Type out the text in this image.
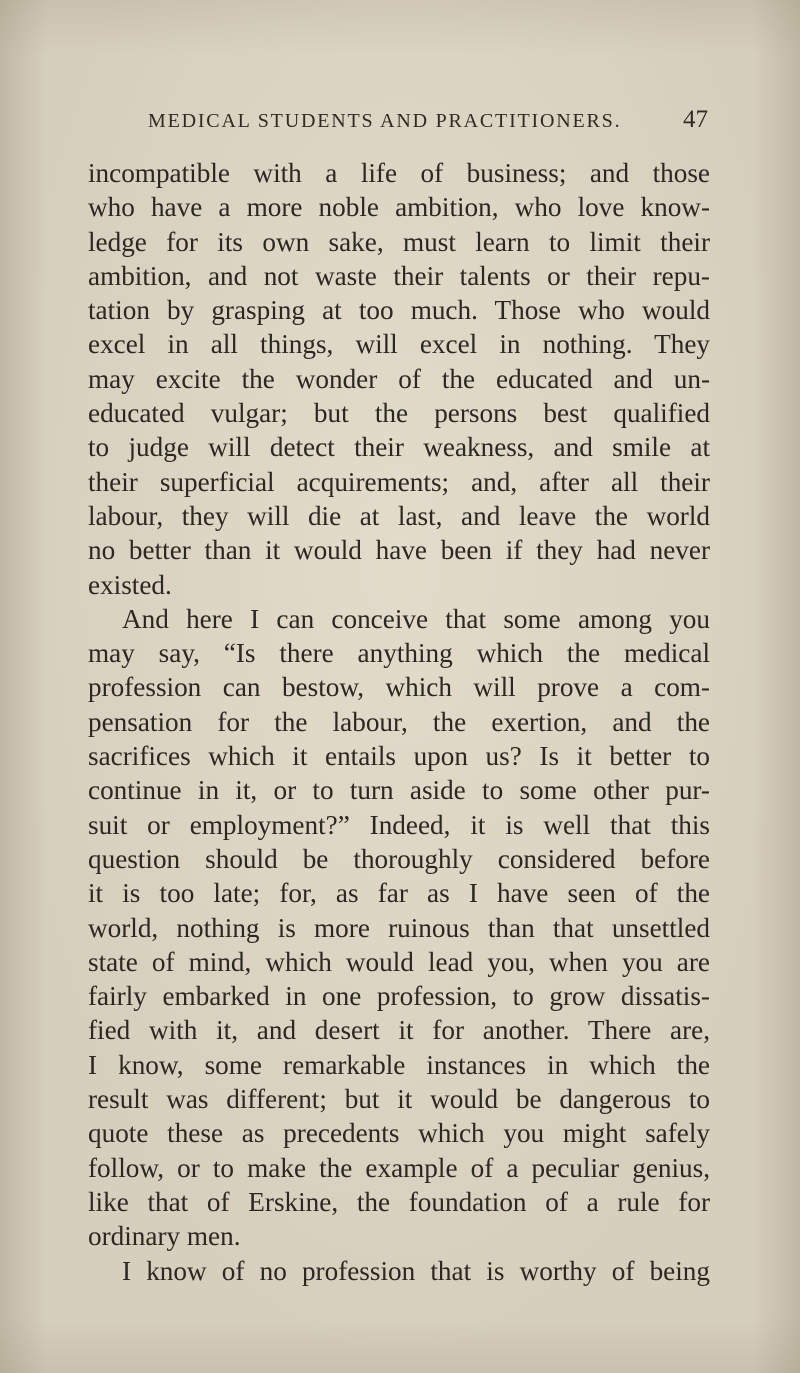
MEDICAL STUDENTS AND PRACTITIONERS. 47
incompatible with a life of business; and those
who have a more noble ambition, who love know-
ledge for its own sake, must learn to limit their
ambition, and not waste their talents or their repu-
tation by grasping at too much. Those who would
excel in all things, will excel in nothing. They
may excite the wonder of the educated and un-
educated vulgar; but the persons best qualified
to judge will detect their weakness, and smile at
their superficial acquirements; and, after all their
labour, they will die at last, and leave the world
no better than it would have been if they had never
existed.
And here I can conceive that some among you
may say, “Is there anything which the medical
profession can bestow, which will prove a com-
pensation for the labour, the exertion, and the
sacrifices which it entails upon us? Is it better to
continue in it, or to turn aside to some other pur-
suit or employment?” Indeed, it is well that this
question should be thoroughly considered before
it is too late; for, as far as I have seen of the
world, nothing is more ruinous than that unsettled
state of mind, which would lead you, when you are
fairly embarked in one profession, to grow dissatis-
fied with it, and desert it for another. There are,
I know, some remarkable instances in which the
result was different; but it would be dangerous to
quote these as precedents which you might safely
follow, or to make the example of a peculiar genius,
like that of Erskine, the foundation of a rule for
ordinary men.
I know of no profession that is worthy of being
